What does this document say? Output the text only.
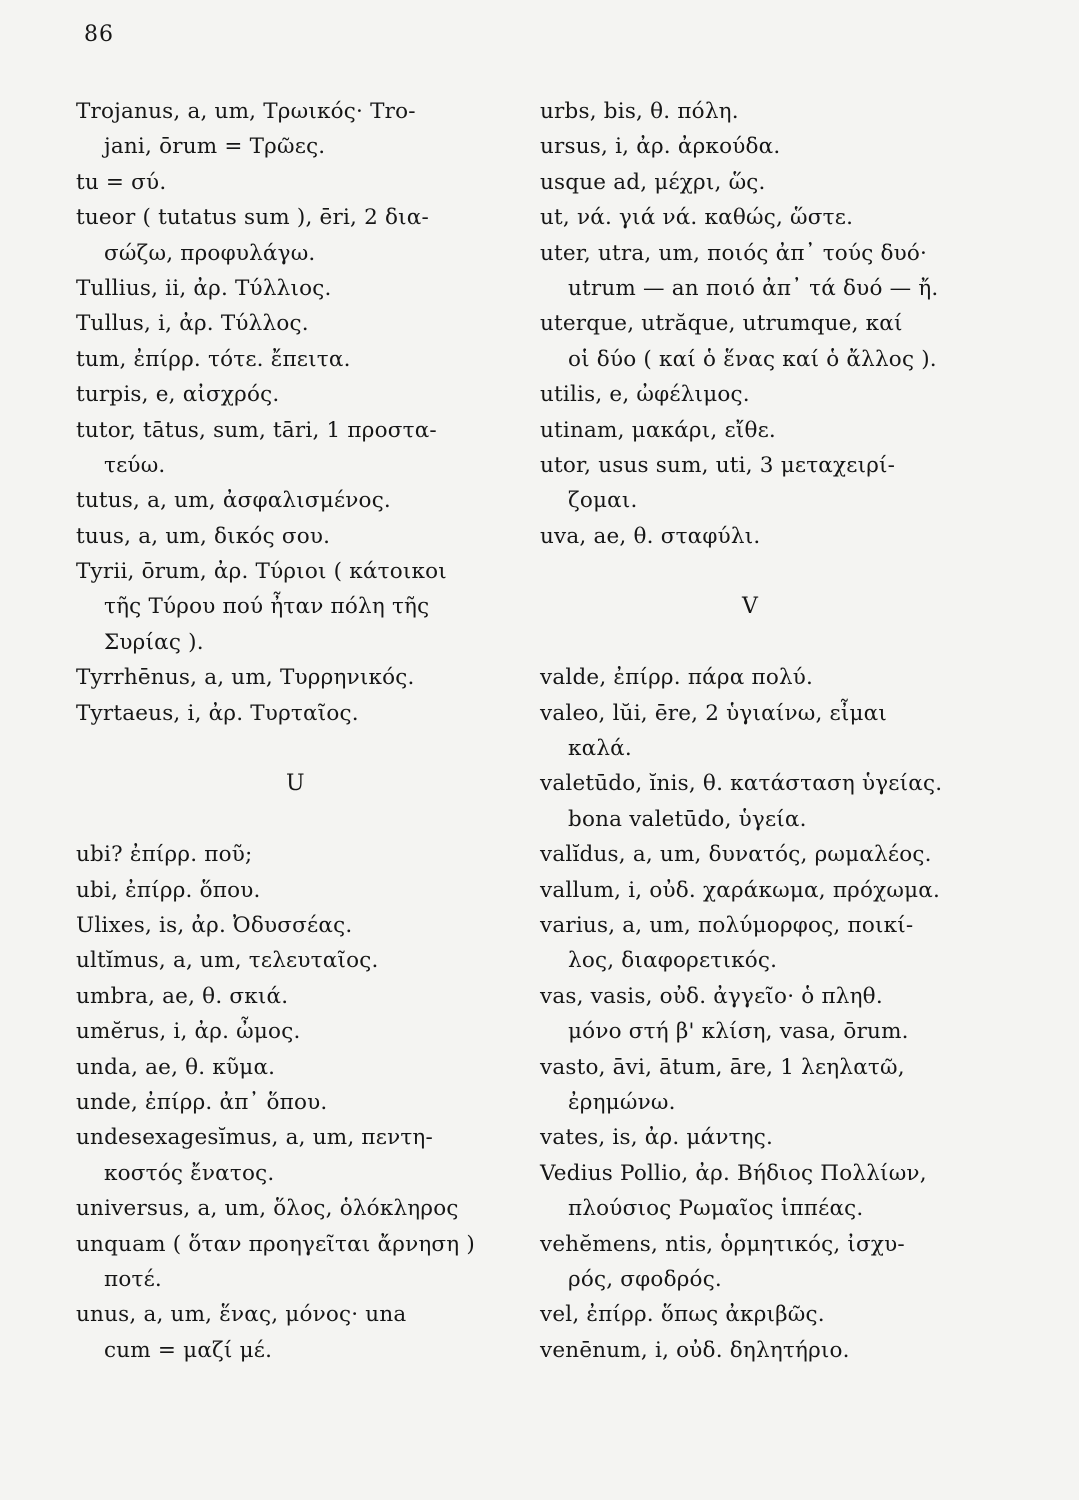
86
Trojanus, a, um, Τρωικός· Tro-
jani, ōrum = Τρῶες.
tu = σύ.
tueor ( tutatus sum ), ēri, 2 δια-
σώζω, προφυλάγω.
Tullius, ii, ἀρ. Τύλλιος.
Tullus, i, ἀρ. Τύλλος.
tum, ἐπίρρ. τότε. ἔπειτα.
turpis, e, αἰσχρός.
tutor, tātus, sum, tāri, 1 προστα-
τεύω.
tutus, a, um, ἀσφαλισμένος.
tuus, a, um, δικός σου.
Tyrii, ōrum, ἀρ. Τύριοι ( κάτοικοι
τῆς Τύρου πού ἦταν πόλη τῆς
Συρίας ).
Tyrrhēnus, a, um, Τυρρηνικός.
Tyrtaeus, i, ἀρ. Τυρταῖος.
U
ubi? ἐπίρρ. ποῦ;
ubi, ἐπίρρ. ὅπου.
Ulixes, is, ἀρ. Ὀδυσσέας.
ultĭmus, a, um, τελευταῖος.
umbra, ae, θ. σκιά.
umĕrus, i, ἀρ. ὦμος.
unda, ae, θ. κῦμα.
unde, ἐπίρρ. ἀπ᾿ ὅπου.
undesexagesĭmus, a, um, πεντη-
κοστός ἔνατος.
universus, a, um, ὅλος, ὁλόκληρος
unquam ( ὅταν προηγεῖται ἄρνηση )
ποτέ.
unus, a, um, ἕνας, μόνος· una
cum = μαζί μέ.
urbs, bis, θ. πόλη.
ursus, i, ἀρ. ἀρκούδα.
usque ad, μέχρι, ὥς.
ut, νά. γιά νά. καθώς, ὥστε.
uter, utra, um, ποιός ἀπ᾿ τούς δυό·
utrum — an ποιό ἀπ᾿ τά δυό — ἤ.
uterque, utrăque, utrumque, καί
οἱ δύο ( καί ὁ ἕνας καί ὁ ἄλλος ).
utilis, e, ὠφέλιμος.
utinam, μακάρι, εἴθε.
utor, usus sum, uti, 3 μεταχειρί-
ζομαι.
uva, ae, θ. σταφύλι.
V
valde, ἐπίρρ. πάρα πολύ.
valeo, lŭi, ēre, 2 ὑγιαίνω, εἶμαι
καλά.
valetūdo, ĭnis, θ. κατάσταση ὑγείας.
bona valetūdo, ὑγεία.
valĭdus, a, um, δυνατός, ρωμαλέος.
vallum, i, οὐδ. χαράκωμα, πρόχωμα.
varius, a, um, πολύμορφος, ποικί-
λος, διαφορετικός.
vas, vasis, οὐδ. ἀγγεῖο· ὁ πληθ.
μόνο στή β' κλίση, vasa, ōrum.
vasto, āvi, ātum, āre, 1 λεηλατῶ,
ἐρημώνω.
vates, is, ἀρ. μάντης.
Vedius Pollio, ἀρ. Βήδιος Πολλίων,
πλούσιος Ρωμαῖος ἱππέας.
vehĕmens, ntis, ὁρμητικός, ἰσχυ-
ρός, σφοδρός.
vel, ἐπίρρ. ὅπως ἀκριβῶς.
venēnum, i, οὐδ. δηλητήριο.
